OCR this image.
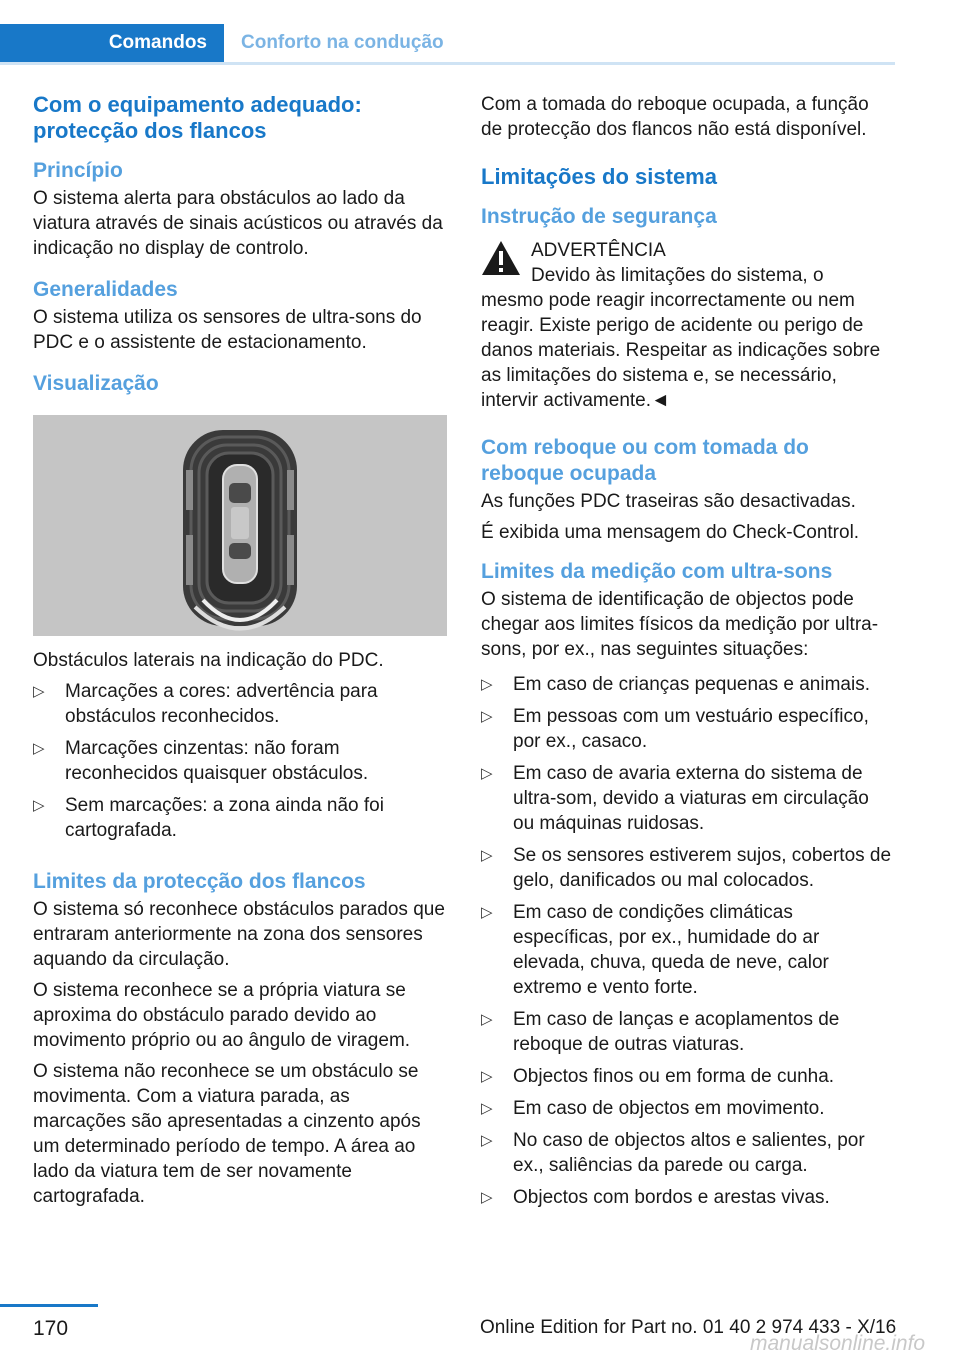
Comandos	Conforto na condução
Com o equipamento adequado: protecção dos flancos
Princípio

O sistema alerta para obstáculos ao lado da viatura através de sinais acústicos ou através da indicação no display de controlo.

Generalidades

O sistema utiliza os sensores de ultra-sons do PDC e o assistente de estacionamento.

Visualização

Obstáculos laterais na indicação do PDC.

▷ Marcações a cores: advertência para obstáculos reconhecidos.
▷ Marcações cinzentas: não foram reconhecidos quaisquer obstáculos.
▷ Sem marcações: a zona ainda não foi cartografada.
Limites da protecção dos flancos

O sistema só reconhece obstáculos parados que entraram anteriormente na zona dos sensores aquando da circulação.

O sistema reconhece se a própria viatura se aproxima do obstáculo parado devido ao movimento próprio ou ao ângulo de viragem.

O sistema não reconhece se um obstáculo se movimenta. Com a viatura parada, as marcações são apresentadas a cinzento após um determinado período de tempo. A área ao lado da viatura tem de ser novamente cartografada.

Com a tomada do reboque ocupada, a função de protecção dos flancos não está disponível.

Limitações do sistema
Instrução de segurança

ADVERTÊNCIA

Devido às limitações do sistema, o

mesmo pode reagir incorrectamente ou nem reagir. Existe perigo de acidente ou perigo de danos materiais. Respeitar as indicações sobre as limitações do sistema e, se necessário, intervir activamente.◄

Com reboque ou com tomada do reboque ocupada

As funções PDC traseiras são desactivadas.

É exibida uma mensagem do Check-Control.

Limites da medição com ultra-sons

O sistema de identificação de objectos pode chegar aos limites físicos da medição por ultra-sons, por ex., nas seguintes situações:

▷ Em caso de crianças pequenas e animais.
▷ Em pessoas com um vestuário específico, por ex., casaco.
▷ Em caso de avaria externa do sistema de ultra-som, devido a viaturas em circulação ou máquinas ruidosas.
▷ Se os sensores estiverem sujos, cobertos de gelo, danificados ou mal colocados.
▷ Em caso de condições climáticas específicas, por ex., humidade do ar elevada, chuva, queda de neve, calor extremo e vento forte.
▷ Em caso de lanças e acoplamentos de reboque de outras viaturas.
▷ Objectos finos ou em forma de cunha.
▷ Em caso de objectos em movimento.
▷ No caso de objectos altos e salientes, por ex., saliências da parede ou carga.
▷ Objectos com bordos e arestas vivas.
170	Online Edition for Part no. 01 40 2 974 433 - X/16
manualsonline.info
